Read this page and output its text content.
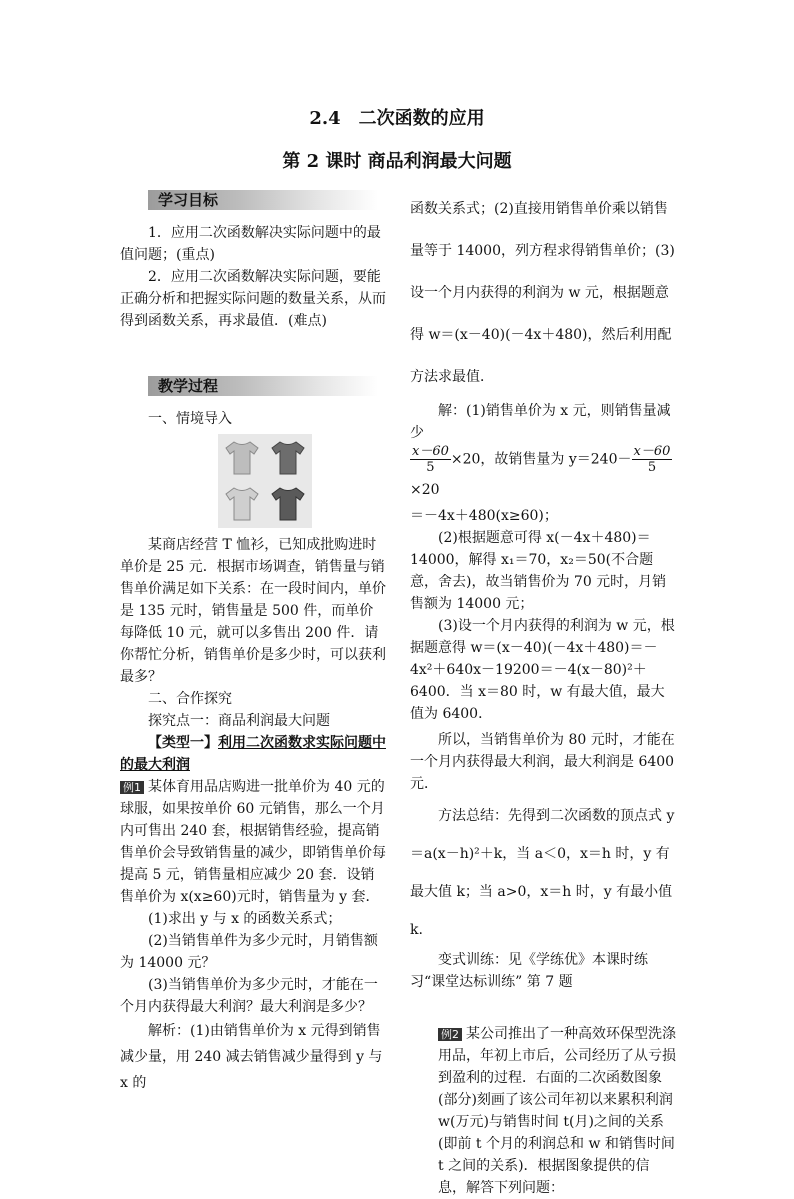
2.4　二次函数的应用
第 2 课时 商品利润最大问题
学习目标

1．应用二次函数解决实际问题中的最值问题；(重点)

2．应用二次函数解决实际问题，要能正确分析和把握实际问题的数量关系，从而得到函数关系，再求最值．(难点)

教学过程

一、情境导入

某商店经营 T 恤衫，已知成批购进时单价是 25 元．根据市场调查，销售量与销售单价满足如下关系：在一段时间内，单价是 135 元时，销售量是 500 件，而单价每降低 10 元，就可以多售出 200 件．请你帮忙分析，销售单价是多少时，可以获利最多？

二、合作探究

探究点一：商品利润最大问题

【类型一】利用二次函数求实际问题中的最大利润

例1 某体育用品店购进一批单价为 40 元的球服，如果按单价 60 元销售，那么一个月内可售出 240 套，根据销售经验，提高销售单价会导致销售量的减少，即销售单价每提高 5 元，销售量相应减少 20 套．设销售单价为 x(x≥60)元时，销售量为 y 套．

(1)求出 y 与 x 的函数关系式；

(2)当销售单件为多少元时，月销售额为 14000 元？

(3)当销售单价为多少元时，才能在一个月内获得最大利润？最大利润是多少？

解析：(1)由销售单价为 x 元得到销售减少量，用 240 减去销售减少量得到 y 与 x 的

函数关系式；(2)直接用销售单价乘以销售量等于 14000，列方程求得销售单价；(3)设一个月内获得的利润为 w 元，根据题意得 w＝(x－40)(－4x＋480)，然后利用配方法求最值．

解：(1)销售单价为 x 元，则销售量减少

$\frac{x-60}{5} \times 20$，故销售量为 $y=240- \frac{x-60}{5}$
×20

＝－4x＋480(x≥60)；

(2)根据题意可得 x(－4x＋480)＝14000，解得 x₁＝70，x₂＝50(不合题意，舍去)，故当销售价为 70 元时，月销售额为 14000 元；

(3)设一个月内获得的利润为 w 元，根据题意得 w＝(x－40)(－4x＋480)＝－4x²＋640x－19200＝－4(x－80)²＋6400．当 x＝80 时，w 有最大值，最大值为 6400．

所以，当销售单价为 80 元时，才能在一个月内获得最大利润，最大利润是 6400 元．

方法总结：先得到二次函数的顶点式 y＝a(x－h)²＋k，当 a＜0，x＝h 时，y 有最大值 k；当 a>0，x＝h 时，y 有最小值 k.

变式训练：见《学练优》本课时练习“课堂达标训练” 第 7 题

例2 某公司推出了一种高效环保型洗涤用品，年初上市后，公司经历了从亏损到盈利的过程．右面的二次函数图象(部分)刻画了该公司年初以来累积利润 w(万元)与销售时间 t(月)之间的关系(即前 t 个月的利润总和 w 和销售时间 t 之间的关系)．根据图象提供的信息，解答下列问题：
